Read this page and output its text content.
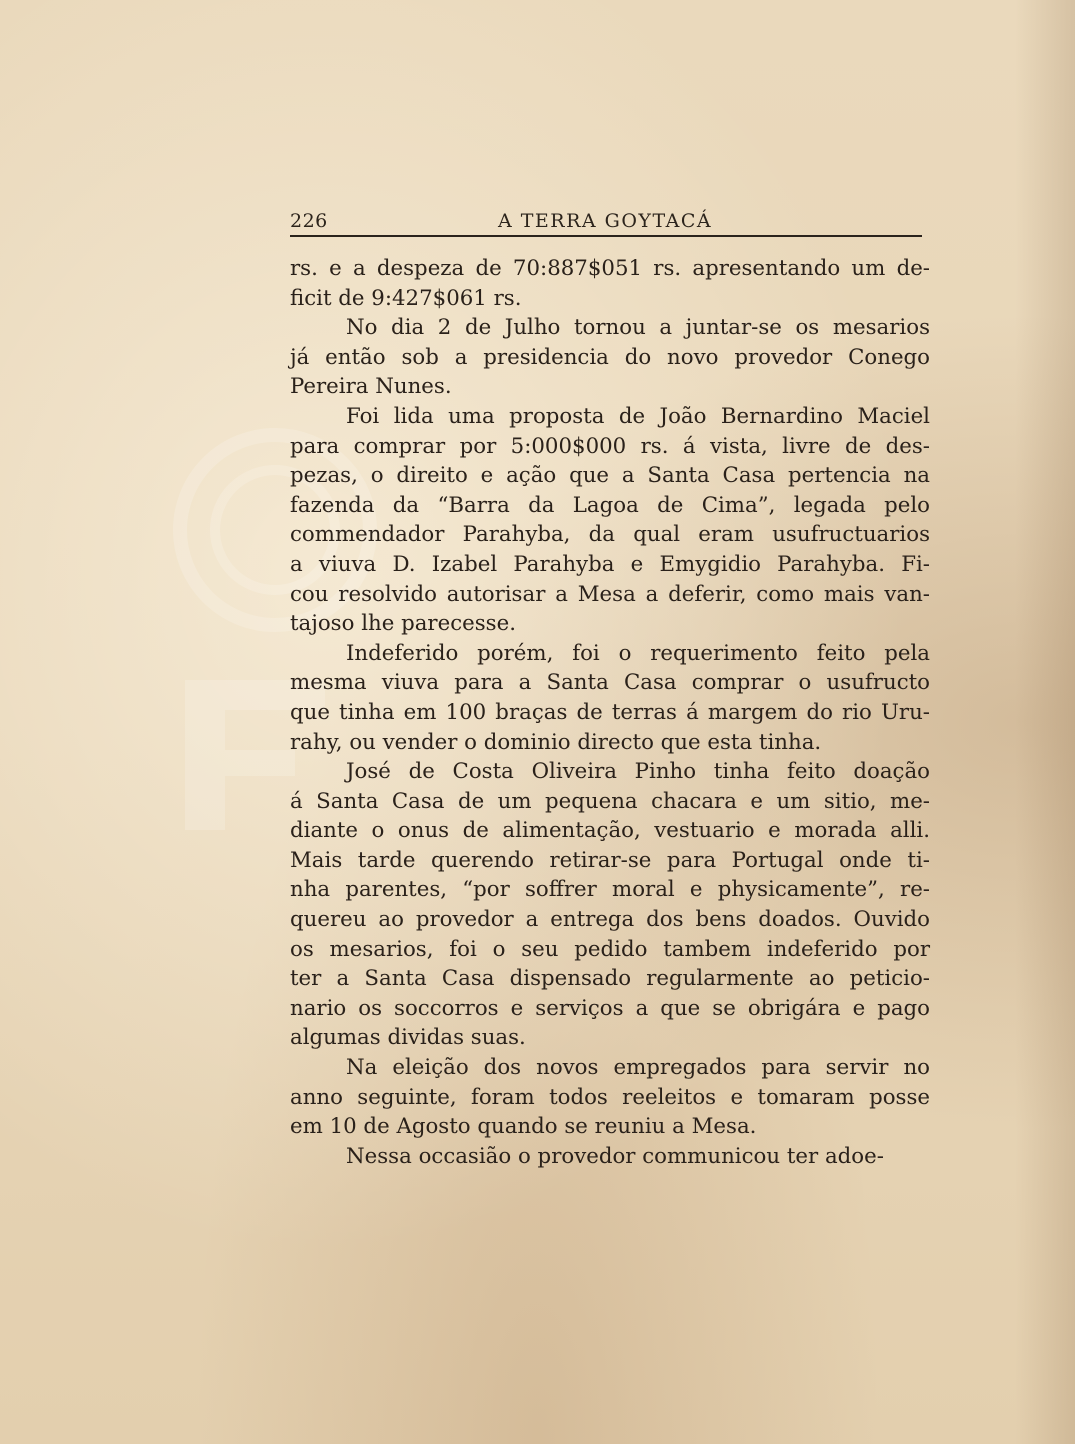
226	A TERRA GOYTACÁ
rs. e a despeza de 70:887$051 rs. apresentando um de-
ficit de 9:427$061 rs.
No dia 2 de Julho tornou a juntar-se os mesarios
já então sob a presidencia do novo provedor Conego
Pereira Nunes.
Foi lida uma proposta de João Bernardino Maciel
para comprar por 5:000$000 rs. á vista, livre de des-
pezas, o direito e ação que a Santa Casa pertencia na
fazenda da “Barra da Lagoa de Cima”, legada pelo
commendador Parahyba, da qual eram usufructuarios
a viuva D. Izabel Parahyba e Emygidio Parahyba. Fi-
cou resolvido autorisar a Mesa a deferir, como mais van-
tajoso lhe parecesse.
Indeferido porém, foi o requerimento feito pela
mesma viuva para a Santa Casa comprar o usufructo
que tinha em 100 braças de terras á margem do rio Uru-
rahy, ou vender o dominio directo que esta tinha.
José de Costa Oliveira Pinho tinha feito doação
á Santa Casa de um pequena chacara e um sitio, me-
diante o onus de alimentação, vestuario e morada alli.
Mais tarde querendo retirar-se para Portugal onde ti-
nha parentes, “por soffrer moral e physicamente”, re-
quereu ao provedor a entrega dos bens doados. Ouvido
os mesarios, foi o seu pedido tambem indeferido por
ter a Santa Casa dispensado regularmente ao peticio-
nario os soccorros e serviços a que se obrigára e pago
algumas dividas suas.
Na eleição dos novos empregados para servir no
anno seguinte, foram todos reeleitos e tomaram posse
em 10 de Agosto quando se reuniu a Mesa.
Nessa occasião o provedor communicou ter adoe-
